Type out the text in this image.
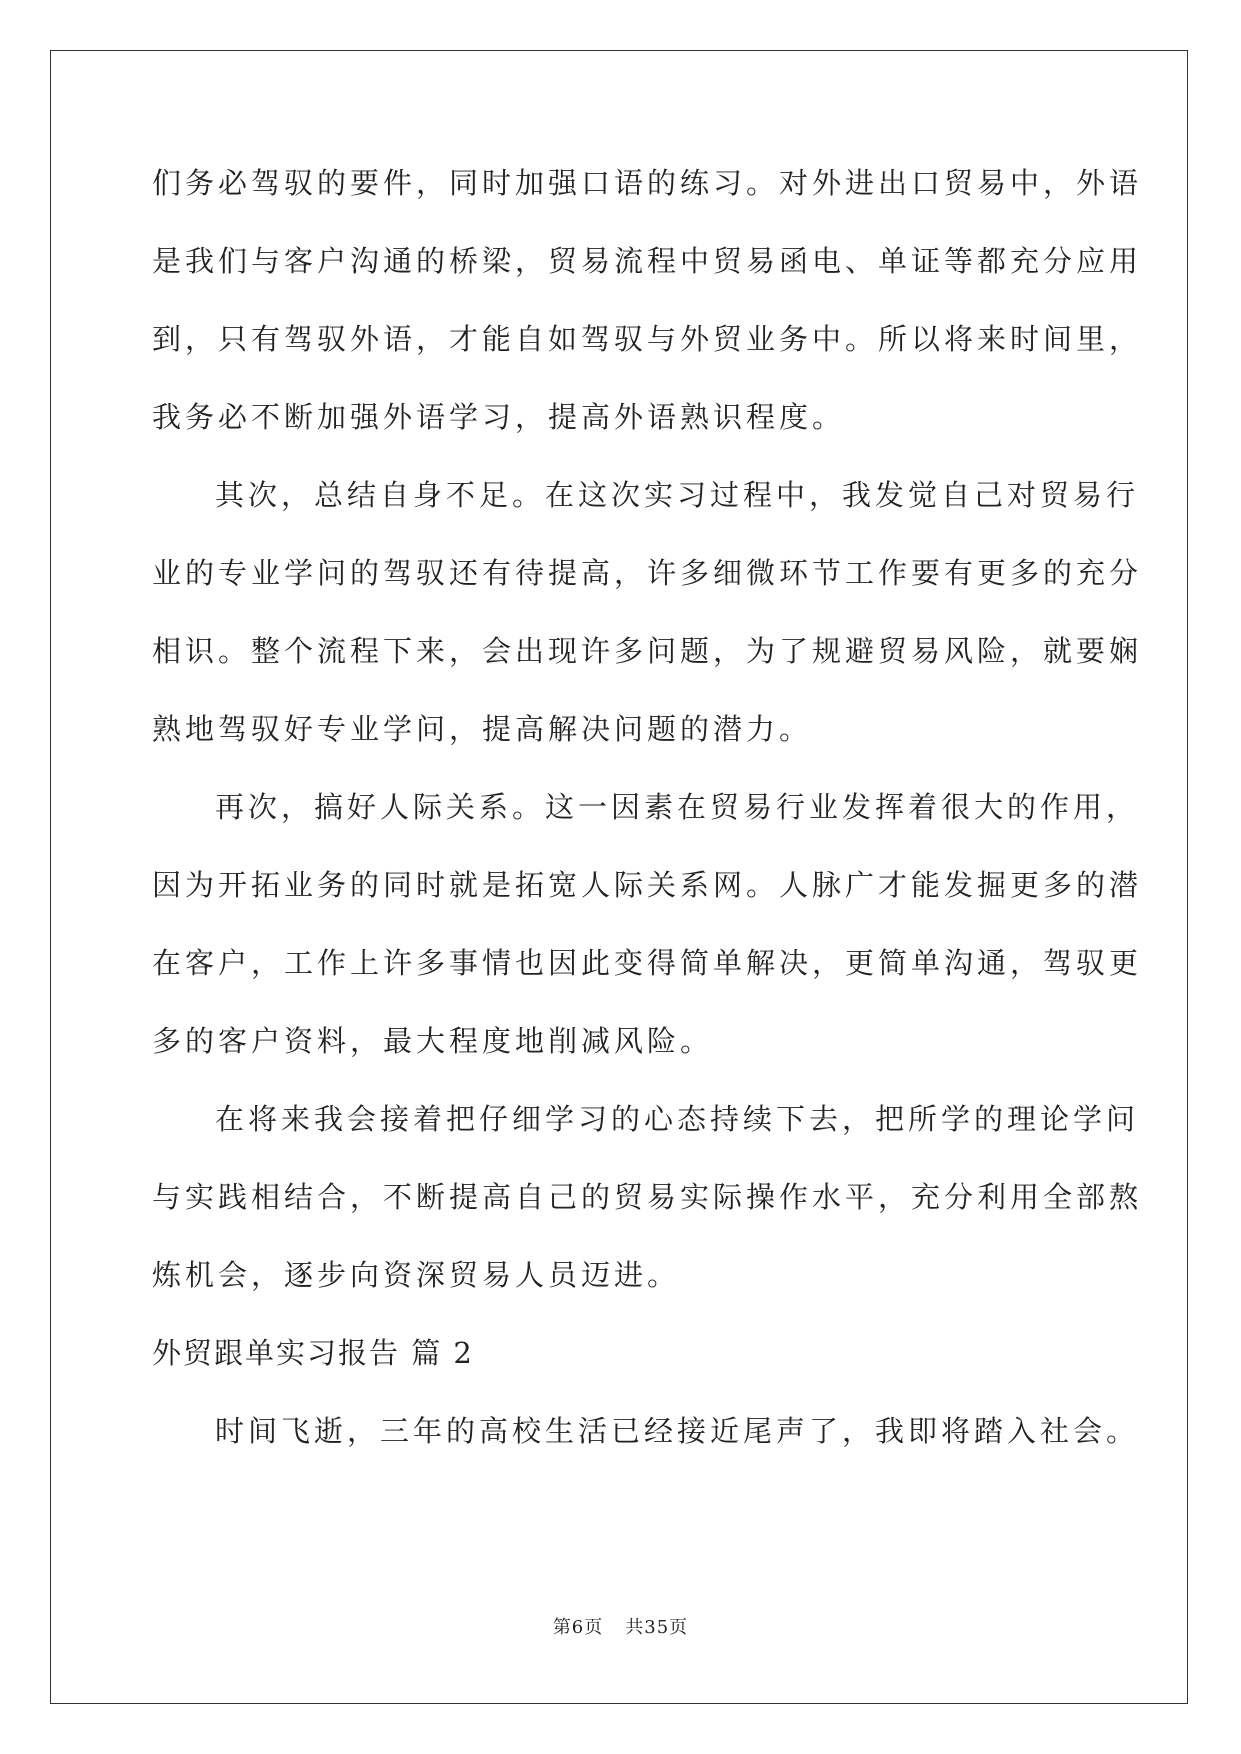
们务必驾驭的要件，同时加强口语的练习。对外进出口贸易中，外语
是我们与客户沟通的桥梁，贸易流程中贸易函电、单证等都充分应用
到，只有驾驭外语，才能自如驾驭与外贸业务中。所以将来时间里，
我务必不断加强外语学习，提高外语熟识程度。
其次，总结自身不足。在这次实习过程中，我发觉自己对贸易行
业的专业学问的驾驭还有待提高，许多细微环节工作要有更多的充分
相识。整个流程下来，会出现许多问题，为了规避贸易风险，就要娴
熟地驾驭好专业学问，提高解决问题的潜力。
再次，搞好人际关系。这一因素在贸易行业发挥着很大的作用，
因为开拓业务的同时就是拓宽人际关系网。人脉广才能发掘更多的潜
在客户，工作上许多事情也因此变得简单解决，更简单沟通，驾驭更
多的客户资料，最大程度地削减风险。
在将来我会接着把仔细学习的心态持续下去，把所学的理论学问
与实践相结合，不断提高自己的贸易实际操作水平，充分利用全部熬
炼机会，逐步向资深贸易人员迈进。
外贸跟单实习报告 篇 2
时间飞逝，三年的高校生活已经接近尾声了，我即将踏入社会。
第6页 共35页
